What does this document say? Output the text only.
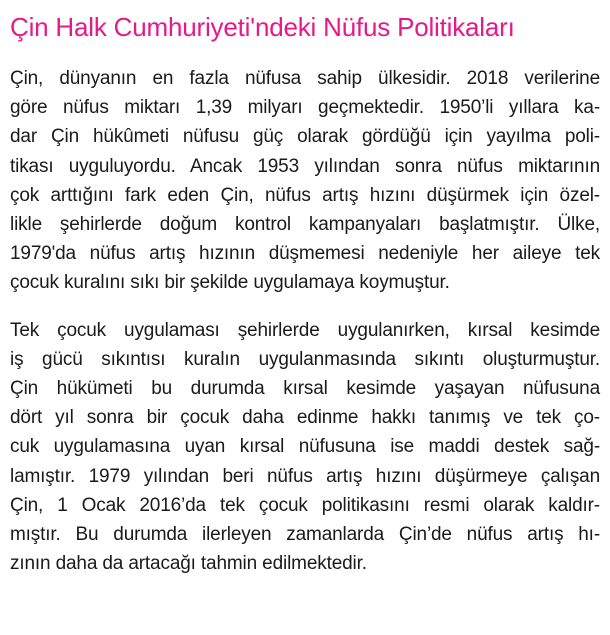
Çin Halk Cumhuriyeti'ndeki Nüfus Politikaları

Çin, dünyanın en fazla nüfusa sahip ülkesidir. 2018 verilerine
göre nüfus miktarı 1,39 milyarı geçmektedir. 1950’li yıllara ka-
dar Çin hükûmeti nüfusu güç olarak gördüğü için yayılma poli-
tikası uyguluyordu. Ancak 1953 yılından sonra nüfus miktarının
çok arttığını fark eden Çin, nüfus artış hızını düşürmek için özel-
likle şehirlerde doğum kontrol kampanyaları başlatmıştır. Ülke,
1979'da nüfus artış hızının düşmemesi nedeniyle her aileye tek
çocuk kuralını sıkı bir şekilde uygulamaya koymuştur.

Tek çocuk uygulaması şehirlerde uygulanırken, kırsal kesimde
iş gücü sıkıntısı kuralın uygulanmasında sıkıntı oluşturmuştur.
Çin hükümeti bu durumda kırsal kesimde yaşayan nüfusuna
dört yıl sonra bir çocuk daha edinme hakkı tanımış ve tek ço-
cuk uygulamasına uyan kırsal nüfusuna ise maddi destek sağ-
lamıştır. 1979 yılından beri nüfus artış hızını düşürmeye çalışan
Çin, 1 Ocak 2016’da tek çocuk politikasını resmi olarak kaldır-
mıştır. Bu durumda ilerleyen zamanlarda Çin’de nüfus artış hı-
zının daha da artacağı tahmin edilmektedir.
